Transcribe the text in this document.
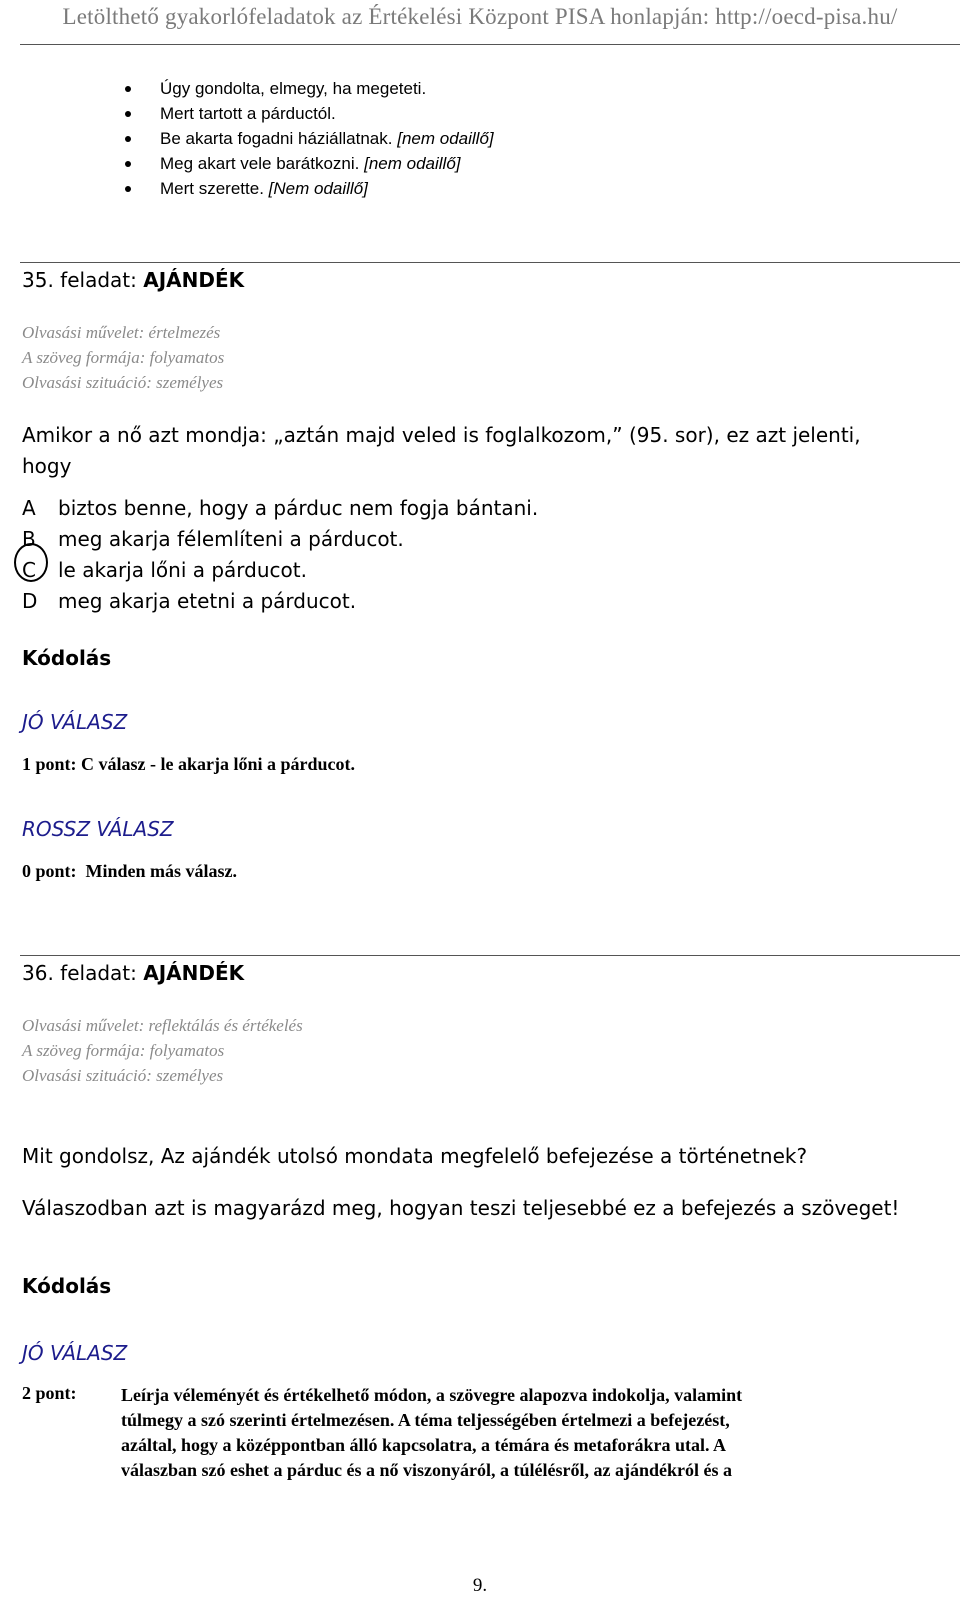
Letölthető gyakorlófeladatok az Értékelési Központ PISA honlapján: http://oecd-pisa.hu/
Úgy gondolta, elmegy, ha megeteti.
Mert tartott a párductól.
Be akarta fogadni háziállatnak. [nem odaillő]
Meg akart vele barátkozni. [nem odaillő]
Mert szerette. [Nem odaillő]
35. feladat: AJÁNDÉK
Olvasási művelet: értelmezés
A szöveg formája: folyamatos
Olvasási szituáció: személyes
Amikor a nő azt mondja: „aztán majd veled is foglalkozom,” (95. sor), ez azt jelenti,
hogy
A biztos benne, hogy a párduc nem fogja bántani.
B meg akarja félemlíteni a párducot.
C le akarja lőni a párducot.
D meg akarja etetni a párducot.
Kódolás
JÓ VÁLASZ
1 pont: C válasz - le akarja lőni a párducot.
ROSSZ VÁLASZ
0 pont: Minden más válasz.
36. feladat: AJÁNDÉK
Olvasási művelet: reflektálás és értékelés
A szöveg formája: folyamatos
Olvasási szituáció: személyes
Mit gondolsz, Az ajándék utolsó mondata megfelelő befejezése a történetnek?
Válaszodban azt is magyarázd meg, hogyan teszi teljesebbé ez a befejezés a szöveget!
Kódolás
JÓ VÁLASZ
2 pont: Leírja véleményét és értékelhető módon, a szövegre alapozva indokolja, valamint
túlmegy a szó szerinti értelmezésen. A téma teljességében értelmezi a befejezést,
azáltal, hogy a középpontban álló kapcsolatra, a témára és metaforákra utal. A
válaszban szó eshet a párduc és a nő viszonyáról, a túlélésről, az ajándékról és a
9.
